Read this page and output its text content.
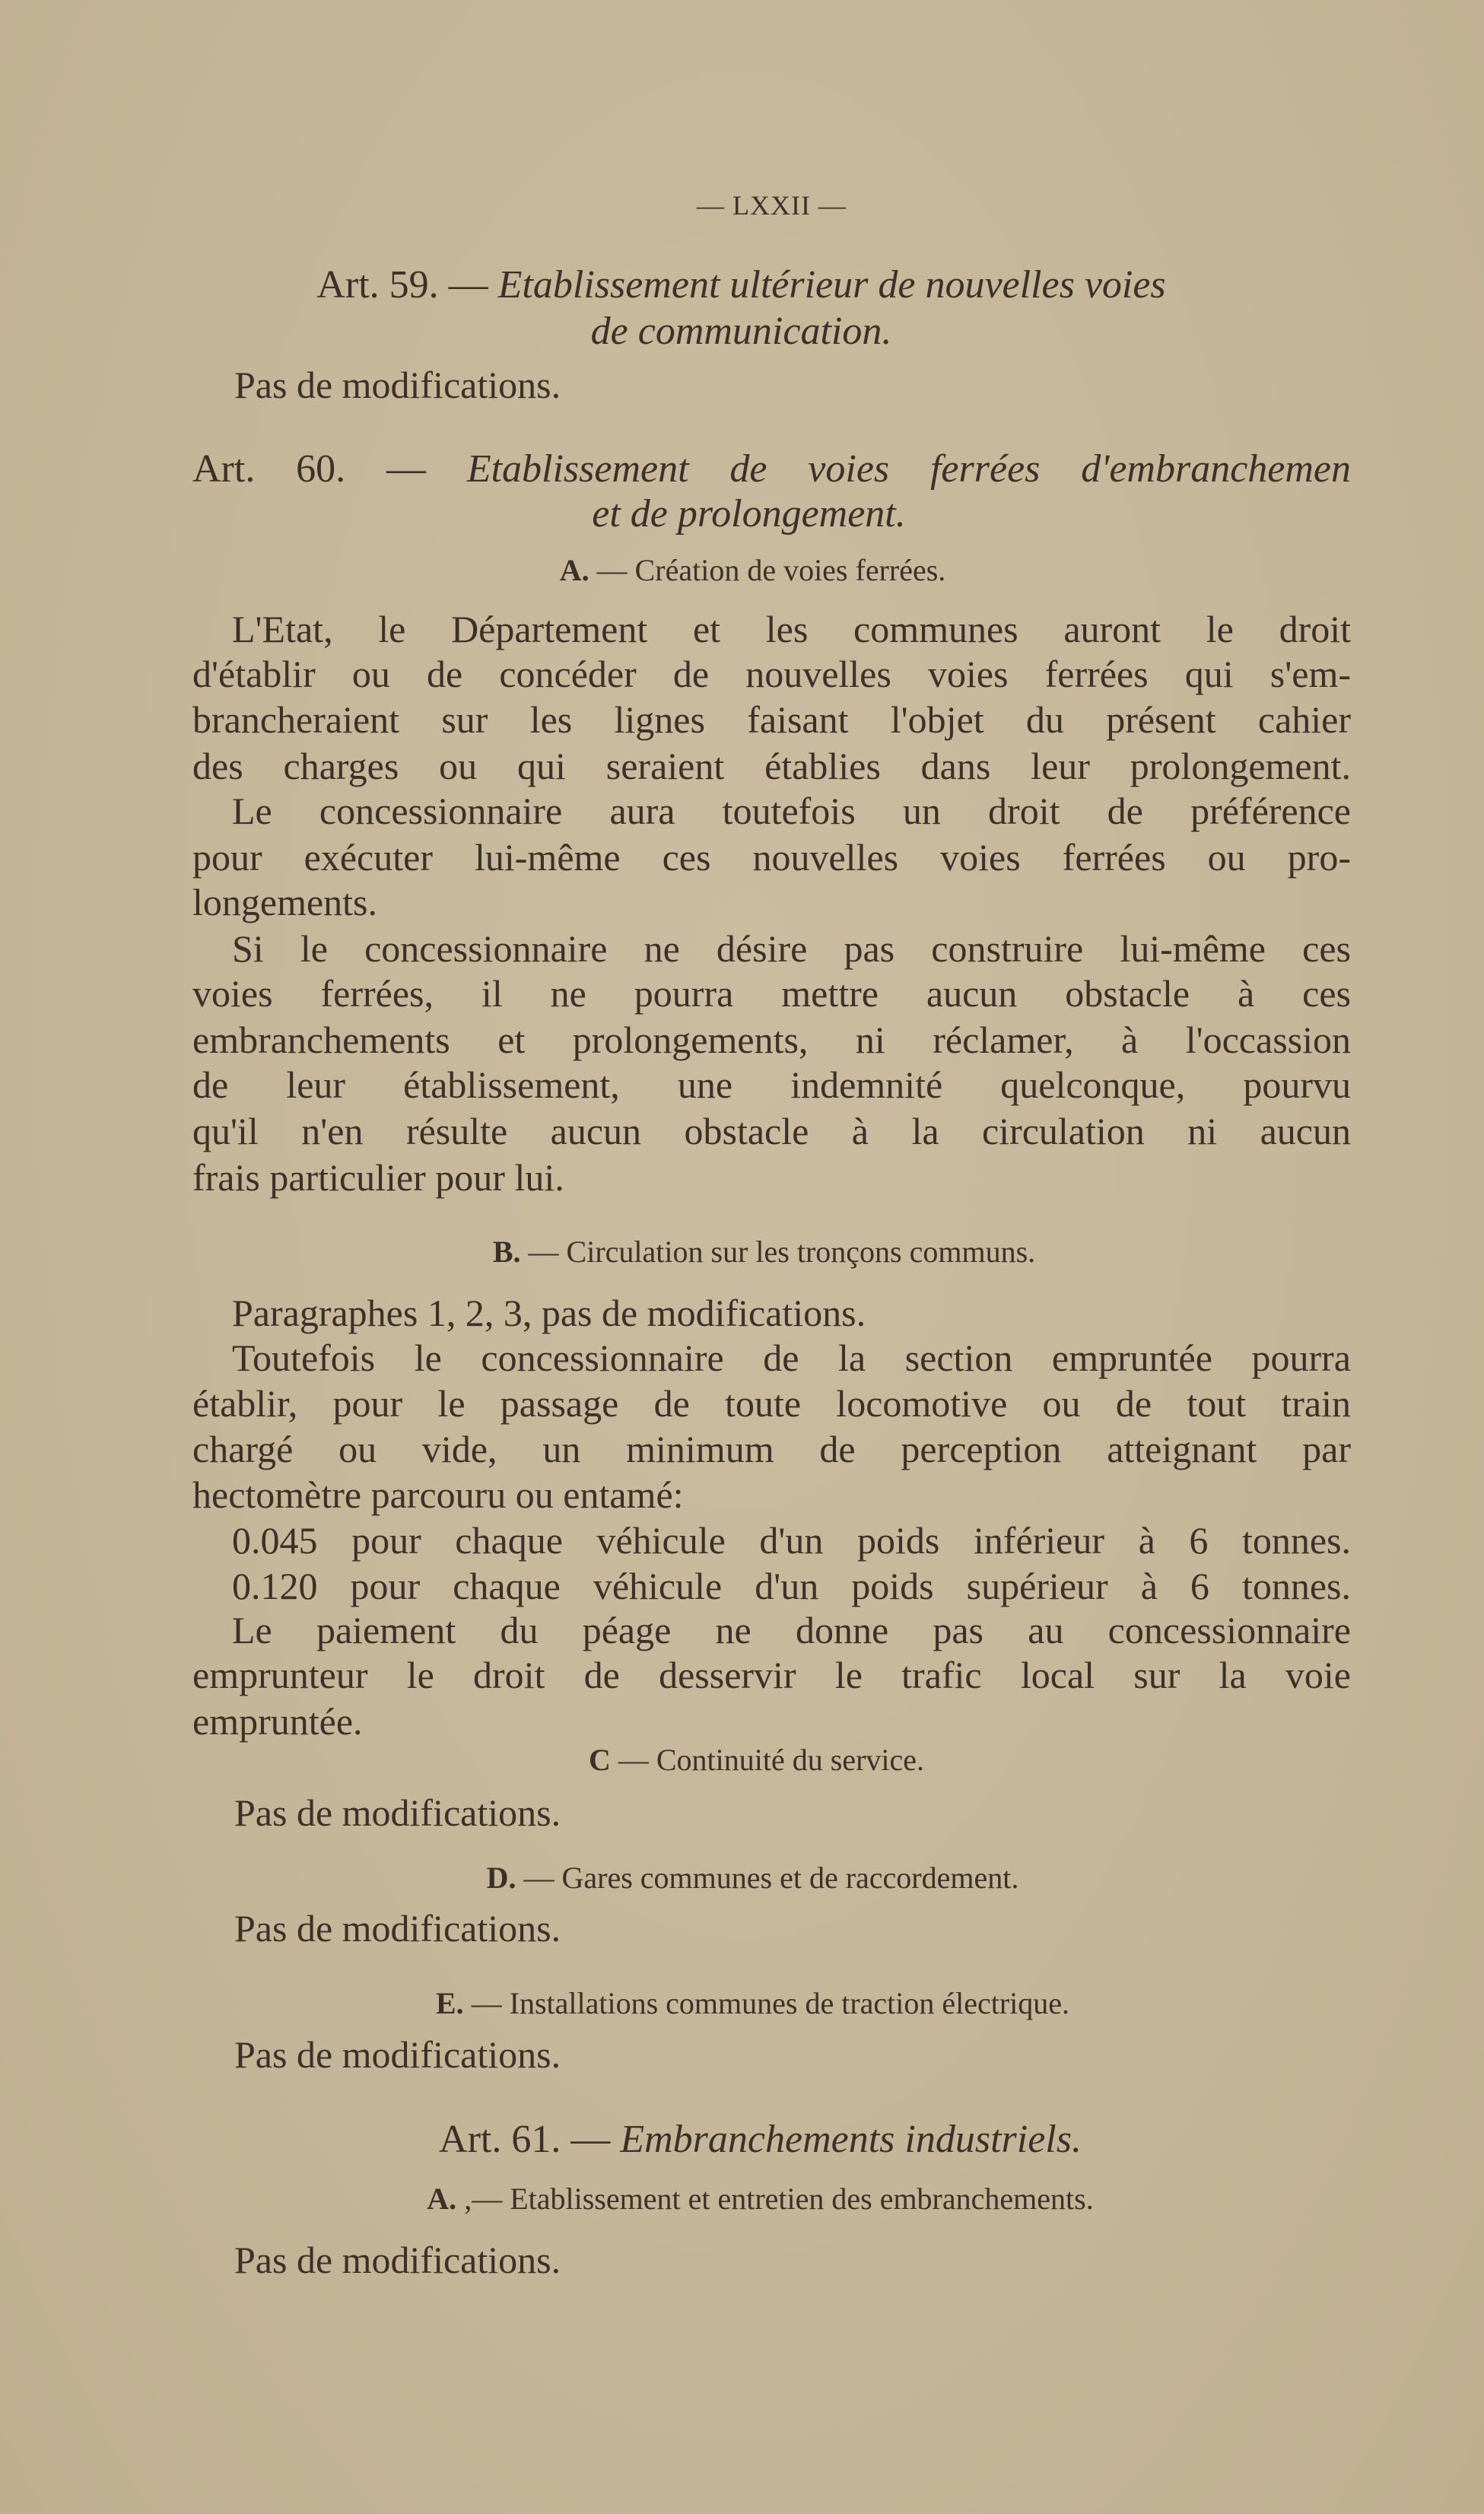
— LXXII —
Art. 59. — Etablissement ultérieur de nouvelles voies
de communication.
Pas de modifications.
Art. 60. — Etablissement de voies ferrées d'embranchemen
et de prolongement.
A. — Création de voies ferrées.
L'Etat, le Département et les communes auront le droit
d'établir ou de concéder de nouvelles voies ferrées qui s'em-
brancheraient sur les lignes faisant l'objet du présent cahier
des charges ou qui seraient établies dans leur prolongement.
Le concessionnaire aura toutefois un droit de préférence
pour exécuter lui-même ces nouvelles voies ferrées ou pro-
longements.
Si le concessionnaire ne désire pas construire lui-même ces
voies ferrées, il ne pourra mettre aucun obstacle à ces
embranchements et prolongements, ni réclamer, à l'occassion
de leur établissement, une indemnité quelconque, pourvu
qu'il n'en résulte aucun obstacle à la circulation ni aucun
frais particulier pour lui.
B. — Circulation sur les tronçons communs.
Paragraphes 1, 2, 3, pas de modifications.
Toutefois le concessionnaire de la section empruntée pourra
établir, pour le passage de toute locomotive ou de tout train
chargé ou vide, un minimum de perception atteignant par
hectomètre parcouru ou entamé:
0.045 pour chaque véhicule d'un poids inférieur à 6 tonnes.
0.120 pour chaque véhicule d'un poids supérieur à 6 tonnes.
Le paiement du péage ne donne pas au concessionnaire
emprunteur le droit de desservir le trafic local sur la voie
empruntée.
C — Continuité du service.
Pas de modifications.
D. — Gares communes et de raccordement.
Pas de modifications.
E. — Installations communes de traction électrique.
Pas de modifications.
Art. 61. — Embranchements industriels.
A. ,— Etablissement et entretien des embranchements.
Pas de modifications.
